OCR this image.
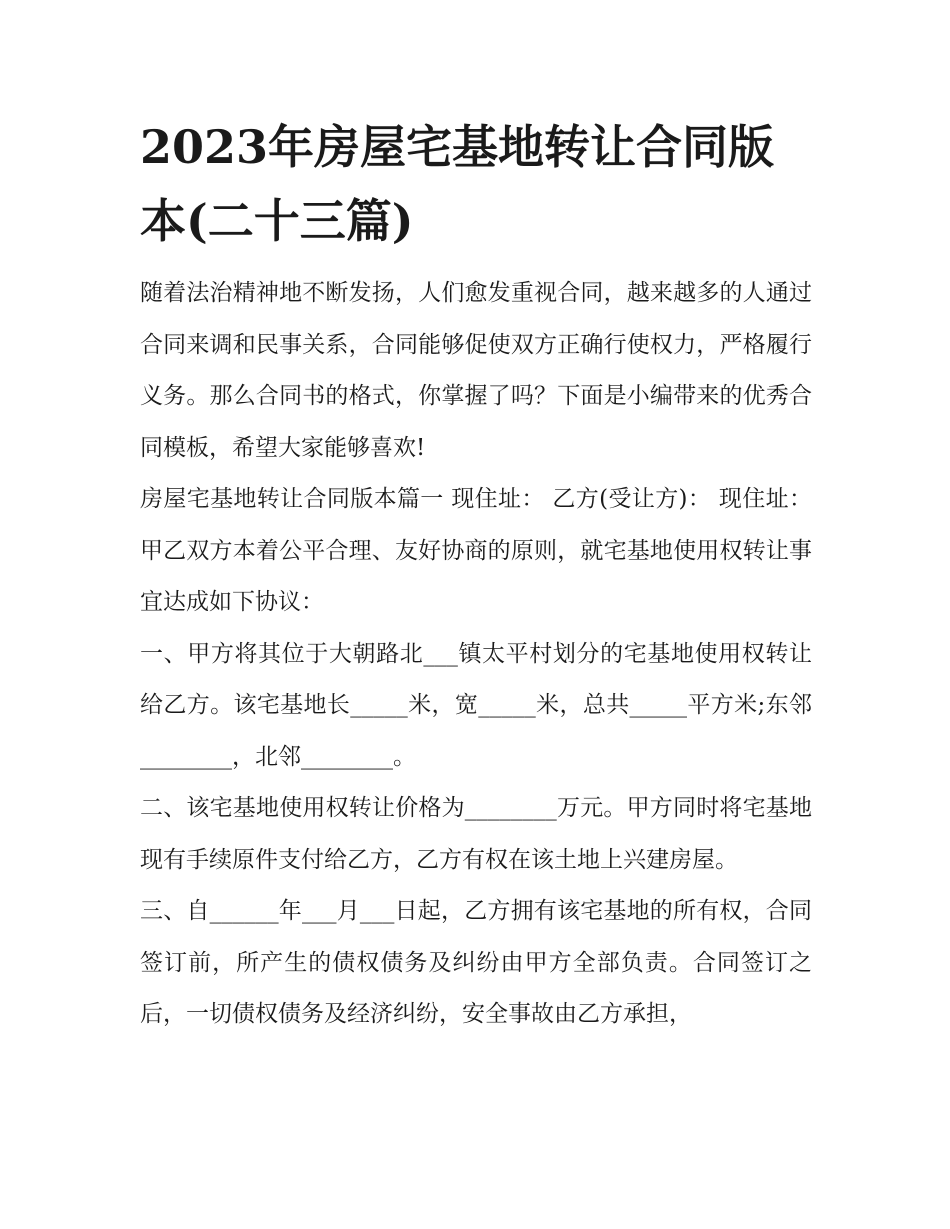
2023年房屋宅基地转让合同版本(二十三篇)

随着法治精神地不断发扬，人们愈发重视合同，越来越多的人通过合同来调和民事关系，合同能够促使双方正确行使权力，严格履行义务。那么合同书的格式，你掌握了吗？下面是小编带来的优秀合同模板，希望大家能够喜欢!

房屋宅基地转让合同版本篇一 现住址： 乙方(受让方)： 现住址： 甲乙双方本着公平合理、友好协商的原则，就宅基地使用权转让事宜达成如下协议：

一、甲方将其位于大朝路北___镇太平村划分的宅基地使用权转让给乙方。该宅基地长_____米，宽_____米，总共_____平方米;东邻________，北邻________。

二、该宅基地使用权转让价格为________万元。甲方同时将宅基地现有手续原件支付给乙方，乙方有权在该土地上兴建房屋。

三、自______年___月___日起，乙方拥有该宅基地的所有权，合同签订前，所产生的债权债务及纠纷由甲方全部负责。合同签订之后，一切债权债务及经济纠纷，安全事故由乙方承担，
